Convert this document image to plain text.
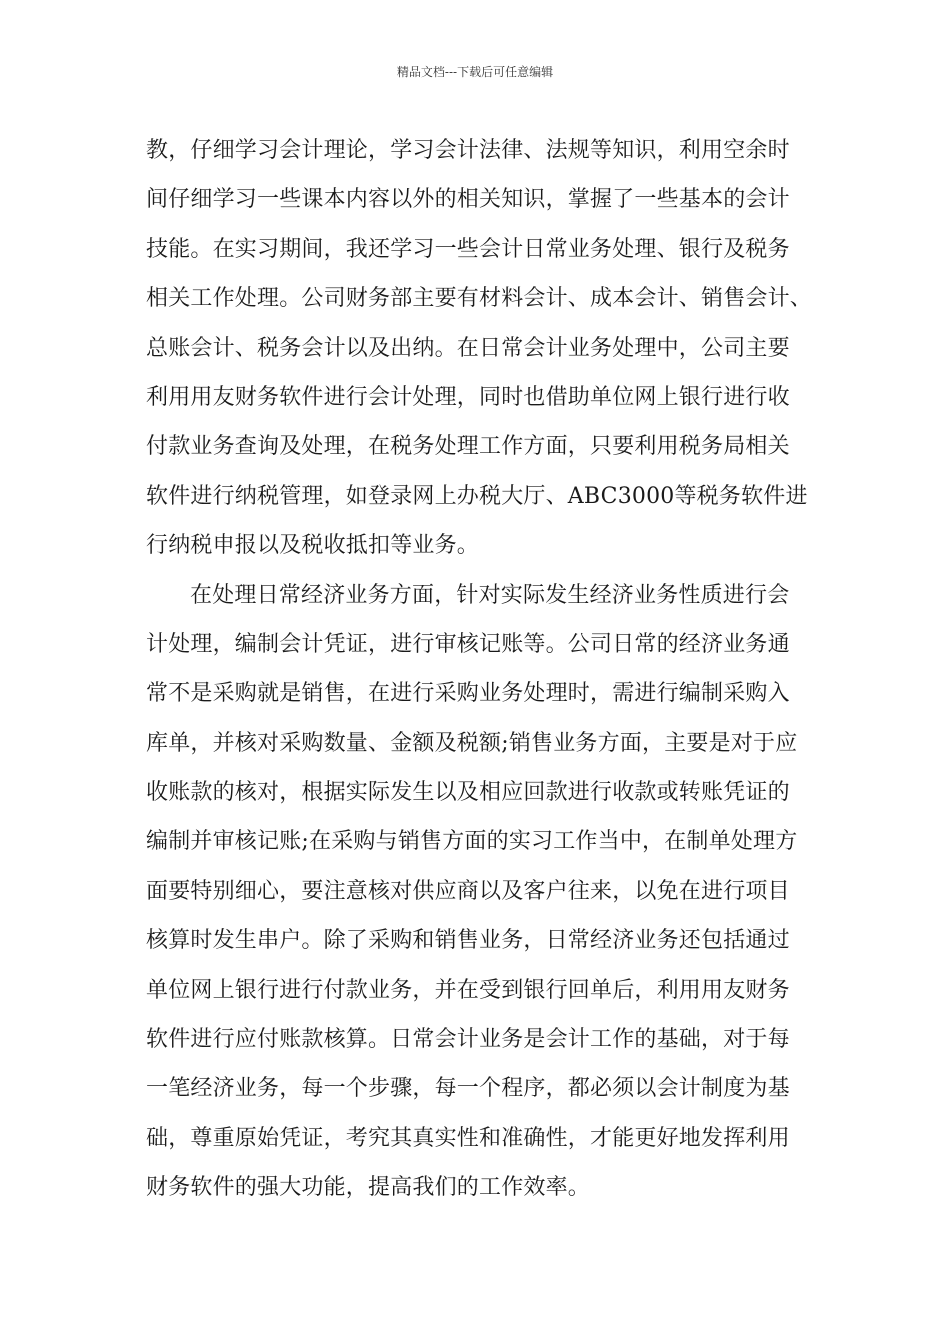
精品文档---下载后可任意编辑
教，仔细学习会计理论，学习会计法律、法规等知识，利用空余时
间仔细学习一些课本内容以外的相关知识，掌握了一些基本的会计
技能。在实习期间，我还学习一些会计日常业务处理、银行及税务
相关工作处理。公司财务部主要有材料会计、成本会计、销售会计、
总账会计、税务会计以及出纳。在日常会计业务处理中，公司主要
利用用友财务软件进行会计处理，同时也借助单位网上银行进行收
付款业务查询及处理，在税务处理工作方面，只要利用税务局相关
软件进行纳税管理，如登录网上办税大厅、ABC3000等税务软件进
行纳税申报以及税收抵扣等业务。
在处理日常经济业务方面，针对实际发生经济业务性质进行会
计处理，编制会计凭证，进行审核记账等。公司日常的经济业务通
常不是采购就是销售，在进行采购业务处理时，需进行编制采购入
库单，并核对采购数量、金额及税额;销售业务方面，主要是对于应
收账款的核对，根据实际发生以及相应回款进行收款或转账凭证的
编制并审核记账;在采购与销售方面的实习工作当中，在制单处理方
面要特别细心，要注意核对供应商以及客户往来，以免在进行项目
核算时发生串户。除了采购和销售业务，日常经济业务还包括通过
单位网上银行进行付款业务，并在受到银行回单后，利用用友财务
软件进行应付账款核算。日常会计业务是会计工作的基础，对于每
一笔经济业务，每一个步骤，每一个程序，都必须以会计制度为基
础，尊重原始凭证，考究其真实性和准确性，才能更好地发挥利用
财务软件的强大功能，提高我们的工作效率。
